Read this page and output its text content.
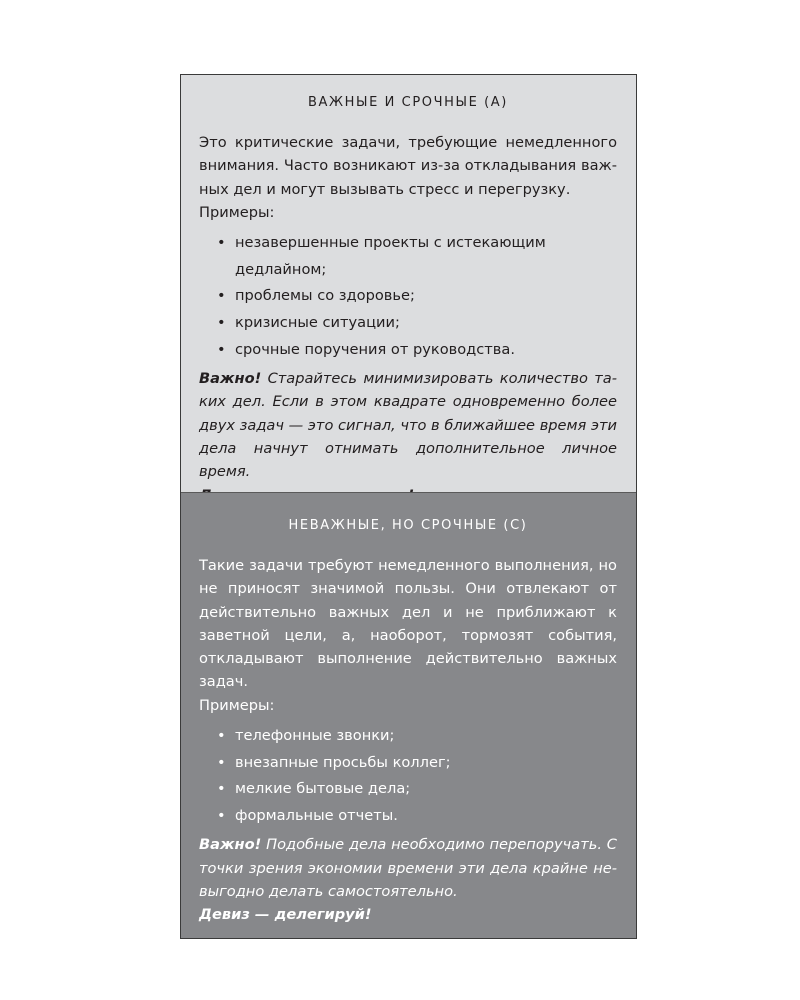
ВАЖНЫЕ И СРОЧНЫЕ (А)

Это критические задачи, требующие немедленного внимания. Часто возникают из-за откладывания важных дел и могут вызывать стресс и перегрузку.

Примеры:

• незавершенные проекты с истекающим дедлайном;
• проблемы со здоровье;
• кризисные ситуации;
• срочные поручения от руководства.

Важно! Старайтесь минимизировать количество таких дел. Если в этом квадрате одновременно более двух задач — это сигнал, что в ближайшее время эти дела начнут отнимать дополнительное личное время.

НЕВАЖНЫЕ, НО СРОЧНЫЕ (С)

Такие задачи требуют немедленного выполнения, но не приносят значимой пользы. Они отвлекают от действительно важных дел и не приближают к заветной цели, а, наоборот, тормозят события, откладывают выполнение действительно важных задач.

Примеры:

• телефонные звонки;
• внезапные просьбы коллег;
• мелкие бытовые дела;
• формальные отчеты.

Важно! Подобные дела необходимо перепоручать. С точки зрения экономии времени эти дела крайне невыгодно делать самостоятельно.

Девиз — делегируй!
